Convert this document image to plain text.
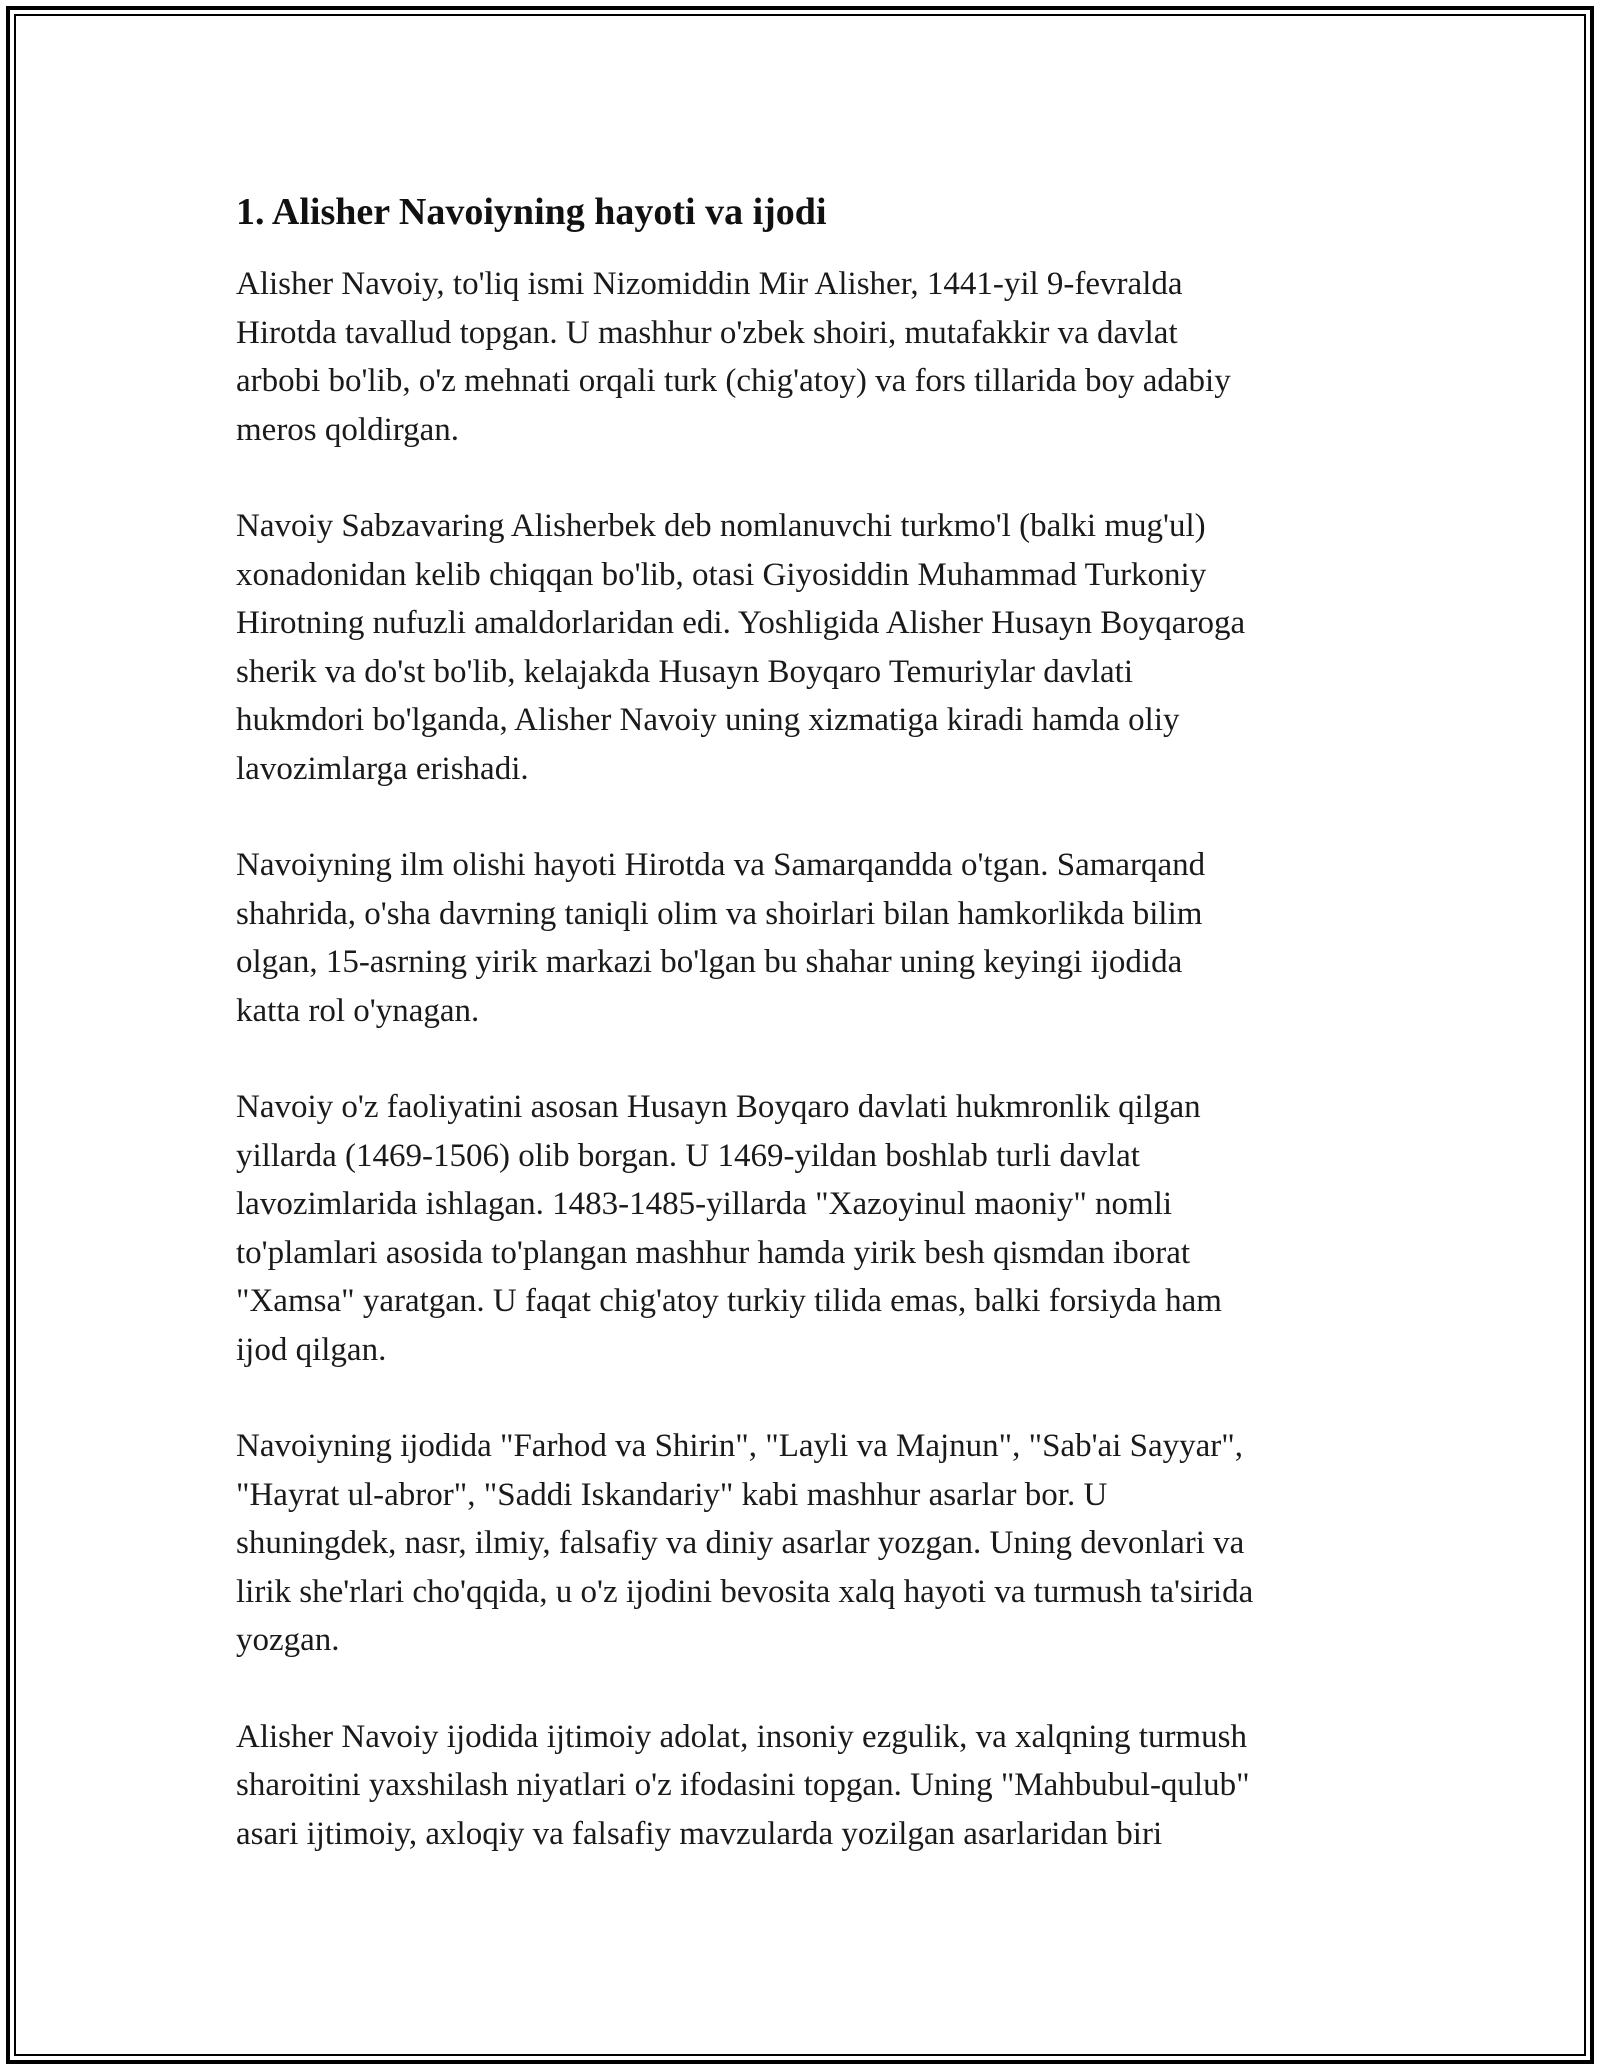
1. Alisher Navoiyning hayoti va ijodi

Alisher Navoiy, to'liq ismi Nizomiddin Mir Alisher, 1441-yil 9-fevralda
Hirotda tavallud topgan. U mashhur o'zbek shoiri, mutafakkir va davlat
arbobi bo'lib, o'z mehnati orqali turk (chig'atoy) va fors tillarida boy adabiy
meros qoldirgan.

Navoiy Sabzavaring Alisherbek deb nomlanuvchi turkmo'l (balki mug'ul)
xonadonidan kelib chiqqan bo'lib, otasi Giyosiddin Muhammad Turkoniy
Hirotning nufuzli amaldorlaridan edi. Yoshligida Alisher Husayn Boyqaroga
sherik va do'st bo'lib, kelajakda Husayn Boyqaro Temuriylar davlati
hukmdori bo'lganda, Alisher Navoiy uning xizmatiga kiradi hamda oliy
lavozimlarga erishadi.

Navoiyning ilm olishi hayoti Hirotda va Samarqandda o'tgan. Samarqand
shahrida, o'sha davrning taniqli olim va shoirlari bilan hamkorlikda bilim
olgan, 15-asrning yirik markazi bo'lgan bu shahar uning keyingi ijodida
katta rol o'ynagan.

Navoiy o'z faoliyatini asosan Husayn Boyqaro davlati hukmronlik qilgan
yillarda (1469-1506) olib borgan. U 1469-yildan boshlab turli davlat
lavozimlarida ishlagan. 1483-1485-yillarda "Xazoyinul maoniy" nomli
to'plamlari asosida to'plangan mashhur hamda yirik besh qismdan iborat
"Xamsa" yaratgan. U faqat chig'atoy turkiy tilida emas, balki forsiyda ham
ijod qilgan.

Navoiyning ijodida "Farhod va Shirin", "Layli va Majnun", "Sab'ai Sayyar",
"Hayrat ul-abror", "Saddi Iskandariy" kabi mashhur asarlar bor. U
shuningdek, nasr, ilmiy, falsafiy va diniy asarlar yozgan. Uning devonlari va
lirik she'rlari cho'qqida, u o'z ijodini bevosita xalq hayoti va turmush ta'sirida
yozgan.

Alisher Navoiy ijodida ijtimoiy adolat, insoniy ezgulik, va xalqning turmush
sharoitini yaxshilash niyatlari o'z ifodasini topgan. Uning "Mahbubul-qulub"
asari ijtimoiy, axloqiy va falsafiy mavzularda yozilgan asarlaridan biri
